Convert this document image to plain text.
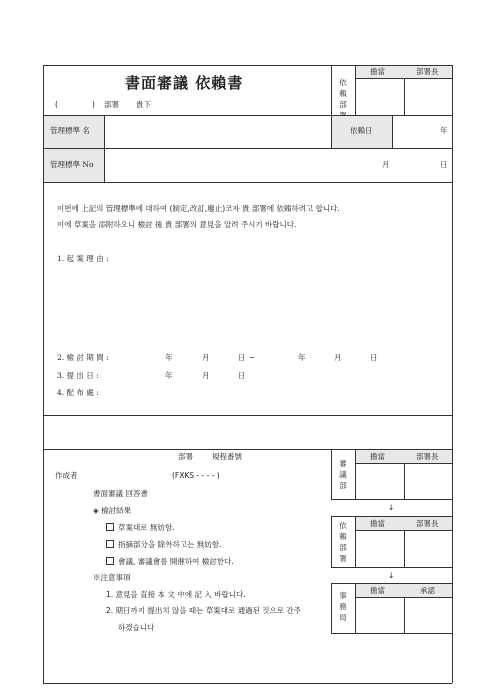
書面審議 依賴書
(	) 部署 貴下
依賴部
擔當	部署長
管理標準 名	依賴日	年
管理標準 No	月	日
이번에 上記의 管理標準에 대하여 (制定,改訂,廢止)코자 貴 部署에 依賴하려고 합니다.
이에 草案을 添附하오니 檢討 後 貴 部署의 意見을 알려 주시기 바랍니다.
1. 起 案 理 由 :
2. 檢 討 期 間 :	年	月	日 ~	年	月	日
3. 提 出 日 :	年	月	日
4. 配 布 處 :
部署	規程番號
作成者	(FXKS - - - - )
書面審議 回答書
◈ 檢討結果
草案대로 無妨함.
指摘部分을 除外하고는 無妨함.
會議, 審議會를 開催하여 檢討한다.
※注意事項
1. 意見을 直接 本 文 中에 記 入 바랍니다.
2. 期日까지 提出치 않을 때는 草案대로 通過된 것으로 간주
하겠습니다
審議部
擔當	部署長
↓
依賴部署
擔當	部署長
↓
事務局
擔當	承認
